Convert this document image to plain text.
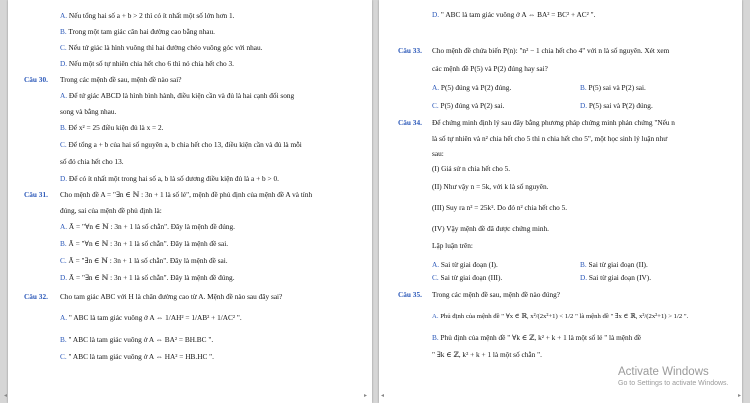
A. Nếu tổng hai số a + b > 2 thì có ít nhất một số lớn hơn 1.
B. Trong một tam giác cân hai đường cao bằng nhau.
C. Nếu tứ giác là hình vuông thì hai đường chéo vuông góc với nhau.
D. Nếu một số tự nhiên chia hết cho 6 thì nó chia hết cho 3.
Câu 30. Trong các mệnh đề sau, mệnh đề nào sai?
A. Để tứ giác ABCD là hình bình hành, điều kiện cần và đủ là hai cạnh đối song
song và bằng nhau.
B. Để x² = 25 điều kiện đủ là x = 2.
C. Để tổng a + b của hai số nguyên a, b chia hết cho 13, điều kiện cần và đủ là mỗi
số đó chia hết cho 13.
D. Để có ít nhất một trong hai số a, b là số dương điều kiện đủ là a + b > 0.
Câu 31. Cho mệnh đề A = "∃n ∈ ℕ : 3n + 1 là số lẻ", mệnh đề phủ định của mệnh đề A và tính
đúng, sai của mệnh đề phủ định là:
A. Ā = "∀n ∈ ℕ : 3n + 1 là số chẵn". Đây là mệnh đề đúng.
B. Ā = "∀n ∈ ℕ : 3n + 1 là số chẵn". Đây là mệnh đề sai.
C. Ā = "∃n ∈ ℕ : 3n + 1 là số chẵn". Đây là mệnh đề sai.
D. Ā = "∃n ∈ ℕ : 3n + 1 là số chẵn". Đây là mệnh đề đúng.
Câu 32. Cho tam giác ABC với H là chân đường cao từ A. Mệnh đề nào sau đây sai?
A. " ABC là tam giác vuông ở A ⇔ 1/AH² = 1/AB² + 1/AC² ".
B. " ABC là tam giác vuông ở A ⇔ BA² = BH.BC ".
C. " ABC là tam giác vuông ở A ⇔ HA² = HB.HC ".
D. " ABC là tam giác vuông ở A ⇔ BA² = BC² + AC² ".
Câu 33. Cho mệnh đề chứa biến P(n): "n² − 1 chia hết cho 4" với n là số nguyên. Xét xem
các mệnh đề P(5) và P(2) đúng hay sai?
A. P(5) đúng và P(2) đúng.	B. P(5) sai và P(2) sai.
C. P(5) đúng và P(2) sai.	D. P(5) sai và P(2) đúng.
Câu 34. Để chứng minh định lý sau đây bằng phương pháp chứng minh phản chứng "Nếu n
là số tự nhiên và n² chia hết cho 5 thì n chia hết cho 5", một học sinh lý luận như
sau:
(I) Giả sử n chia hết cho 5.
(II) Như vậy n = 5k, với k là số nguyên.
(III) Suy ra n² = 25k². Do đó n² chia hết cho 5.
(IV) Vậy mệnh đề đã được chứng minh.
Lập luận trên:
A. Sai từ giai đoạn (I).	B. Sai từ giai đoạn (II).
C. Sai từ giai đoạn (III).	D. Sai từ giai đoạn (IV).
Câu 35. Trong các mệnh đề sau, mệnh đề nào đúng?
A. Phủ định của mệnh đề " ∀x ∈ ℝ, x²/(2x²+1) < 1/2 " là mệnh đề " ∃x ∈ ℝ, x²/(2x²+1) > 1/2 ".
B. Phủ định của mệnh đề " ∀k ∈ ℤ, k² + k + 1 là một số lẻ " là mệnh đề
" ∃k ∈ ℤ, k² + k + 1 là một số chẵn ".
Activate Windows
Go to Settings to activate Windows.
◂	▸ ◂	▸
